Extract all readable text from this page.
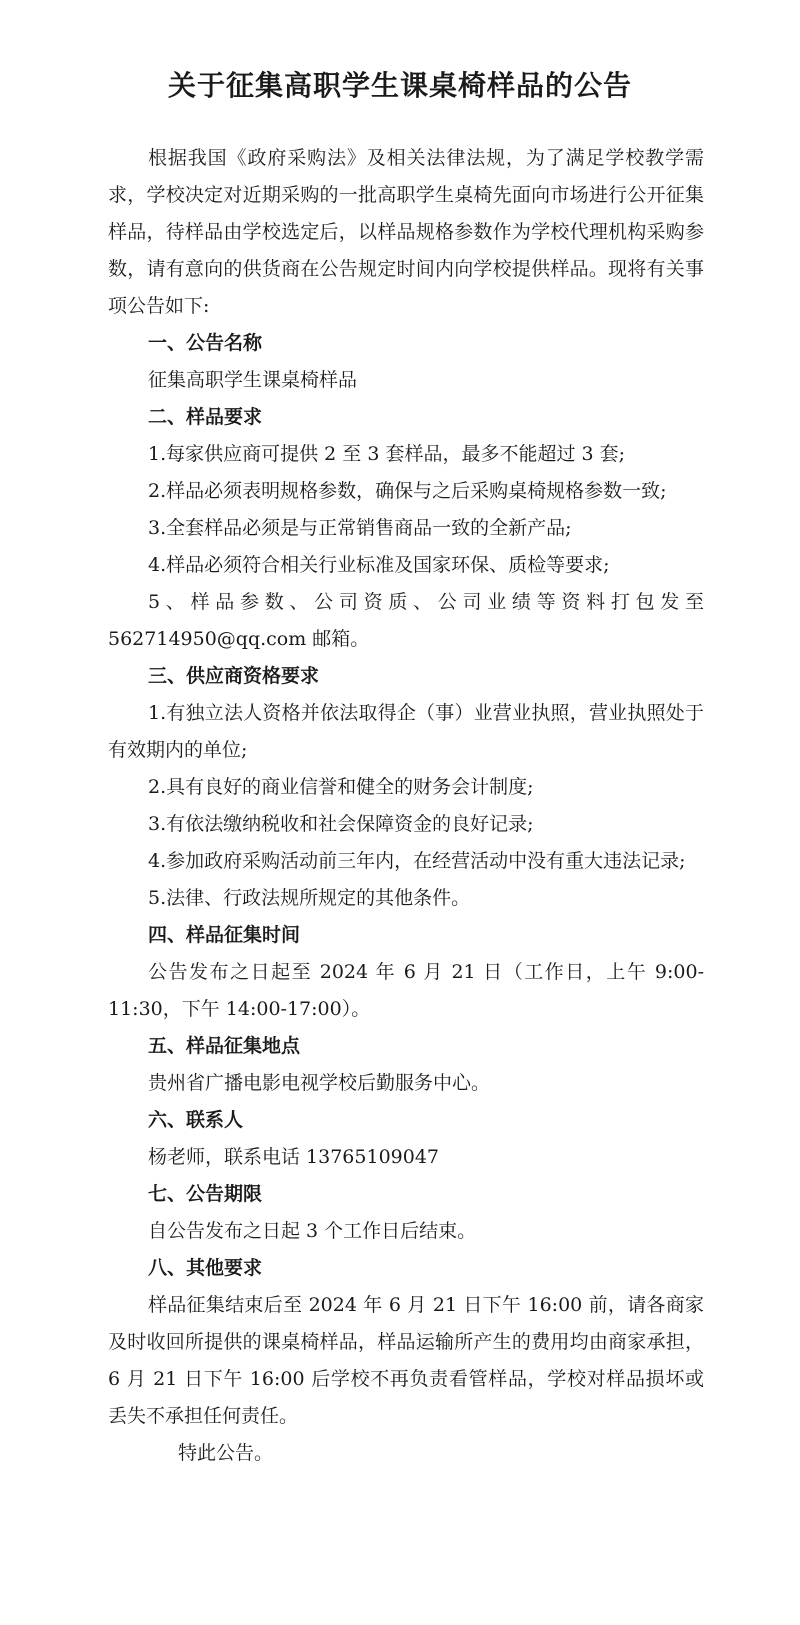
关于征集高职学生课桌椅样品的公告

根据我国《政府采购法》及相关法律法规，为了满足学校教学需求，学校决定对近期采购的一批高职学生桌椅先面向市场进行公开征集样品，待样品由学校选定后，以样品规格参数作为学校代理机构采购参数，请有意向的供货商在公告规定时间内向学校提供样品。现将有关事项公告如下:

一、公告名称

征集高职学生课桌椅样品

二、样品要求

1.每家供应商可提供 2 至 3 套样品，最多不能超过 3 套;

2.样品必须表明规格参数，确保与之后采购桌椅规格参数一致;

3.全套样品必须是与正常销售商品一致的全新产品;

4.样品必须符合相关行业标准及国家环保、质检等要求;

5、样品参数、公司资质、公司业绩等资料打包发至 562714950@qq.com 邮箱。

三、供应商资格要求

1.有独立法人资格并依法取得企（事）业营业执照，营业执照处于有效期内的单位;

2.具有良好的商业信誉和健全的财务会计制度;

3.有依法缴纳税收和社会保障资金的良好记录;

4.参加政府采购活动前三年内，在经营活动中没有重大违法记录;

5.法律、行政法规所规定的其他条件。

四、样品征集时间

公告发布之日起至 2024 年 6 月 21 日（工作日，上午 9:00-11:30，下午 14:00-17:00）。

五、样品征集地点

贵州省广播电影电视学校后勤服务中心。

六、联系人

杨老师，联系电话 13765109047

七、公告期限

自公告发布之日起 3 个工作日后结束。

八、其他要求

样品征集结束后至 2024 年 6 月 21 日下午 16:00 前，请各商家及时收回所提供的课桌椅样品，样品运输所产生的费用均由商家承担，6 月 21 日下午 16:00 后学校不再负责看管样品，学校对样品损坏或丢失不承担任何责任。

特此公告。
